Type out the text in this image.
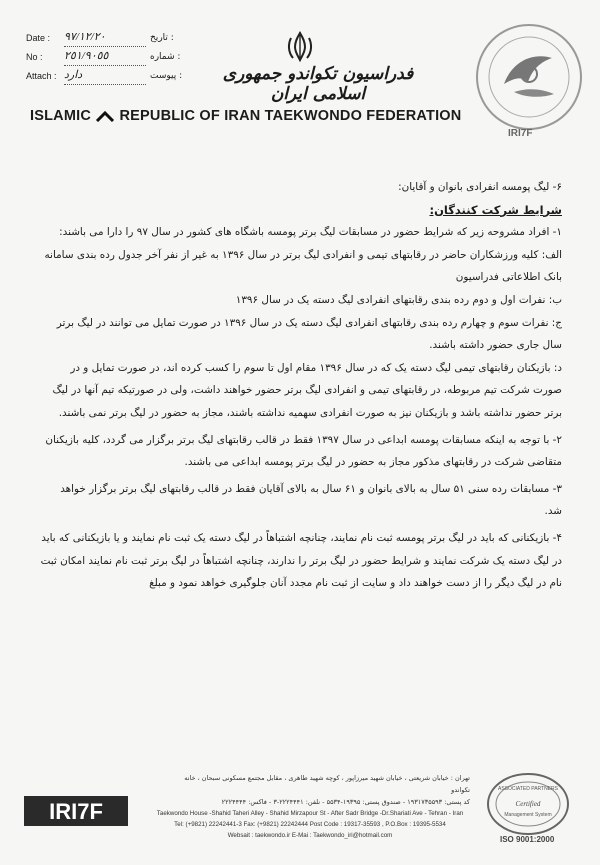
Date :	٩٧/١٢/٢٠	تاریخ :
No :	٢٥١/٩٠٥٥	شماره :
Attach : دارد	پیوست :	فدراسیون تکواندو جمهوری اسلامی ایران
ISLAMIC REPUBLIC OF IRAN TAEKWONDO FEDERATION
IRI7F

۶- لیگ پومسه انفرادی بانوان و آقایان:

شرایط شرکت کنندگان:

۱- افراد مشروحه زیر که شرایط حضور در مسابقات لیگ برتر پومسه باشگاه های کشور در سال ۹۷ را دارا می باشند:

الف: کلیه ورزشکاران حاضر در رقابتهای تیمی و انفرادی لیگ برتر در سال ۱۳۹۶ به غیر از نفر آخر جدول رده بندی سامانه بانک اطلاعاتی فدراسیون

ب: نفرات اول و دوم رده بندی رقابتهای انفرادی لیگ دسته یک در سال ۱۳۹۶

ج: نفرات سوم و چهارم رده بندی رقابتهای انفرادی لیگ دسته یک در سال ۱۳۹۶ در صورت تمایل می توانند در لیگ برتر سال جاری حضور داشته باشند.

د: بازیکنان رقابتهای تیمی لیگ دسته یک که در سال ۱۳۹۶ مقام اول تا سوم را کسب کرده اند، در صورت تمایل و در صورت شرکت تیم مربوطه، در رقابتهای تیمی و انفرادی لیگ برتر حضور خواهند داشت، ولی در صورتیکه تیم آنها در لیگ برتر حضور نداشته باشد و بازیکنان نیز به صورت انفرادی سهمیه نداشته باشند، مجاز به حضور در لیگ برتر نمی باشند.

۲- با توجه به اینکه مسابقات پومسه ابداعی در سال ۱۳۹۷ فقط در قالب رقابتهای لیگ برتر برگزار می گردد، کلیه بازیکنان متقاضی شرکت در رقابتهای مذکور مجاز به حضور در لیگ برتر پومسه ابداعی می باشند.

۳- مسابقات رده سنی ۵۱ سال به بالای بانوان و ۶۱ سال به بالای آقایان فقط در قالب رقابتهای لیگ برتر برگزار خواهد شد.

۴- بازیکنانی که باید در لیگ برتر پومسه ثبت نام نمایند، چنانچه اشتباهاً در لیگ دسته یک ثبت نام نمایند و یا بازیکنانی که باید در لیگ دسته یک شرکت نمایند و شرایط حضور در لیگ برتر را ندارند، چنانچه اشتباهاً در لیگ برتر ثبت نام نمایند امکان ثبت نام در لیگ دیگر را از دست خواهند داد و سایت از ثبت نام مجدد آنان جلوگیری خواهد نمود و مبلغ

تهران : خیابان شریعتی ، خیابان شهید میرزاپور ، کوچه شهید طاهری ، مقابل مجتمع مسکونی سبحان ، خانه تکواندو
کد پستی: ۱۹۳۱۷۳۵۵۹۳ - صندوق پستی: ۱۹۳۹۵-۵۵۳۴ - نلفن: ۲۲۲۴۴۴۱-۳ - فاکس: ۲۲۲۴۴۴۴
IRI7F	Taekwondo House -Shahid Taheri Alley - Shahid Mirzapour St - After Sadr Bridge -Dr.Shariati Ave - Tehran - Iran
Tel: (+9821) 22242441-3 Fax: (+9821) 22242444 Post Code : 19317-35593 , P.O.Box : 19395-5534
Websait : taekwondo.ir E-Mai : Taekwondo_iri@hotmail.com
ASSOCIATED PARTNERS
Certified
Management System
ISO 9001:2000
